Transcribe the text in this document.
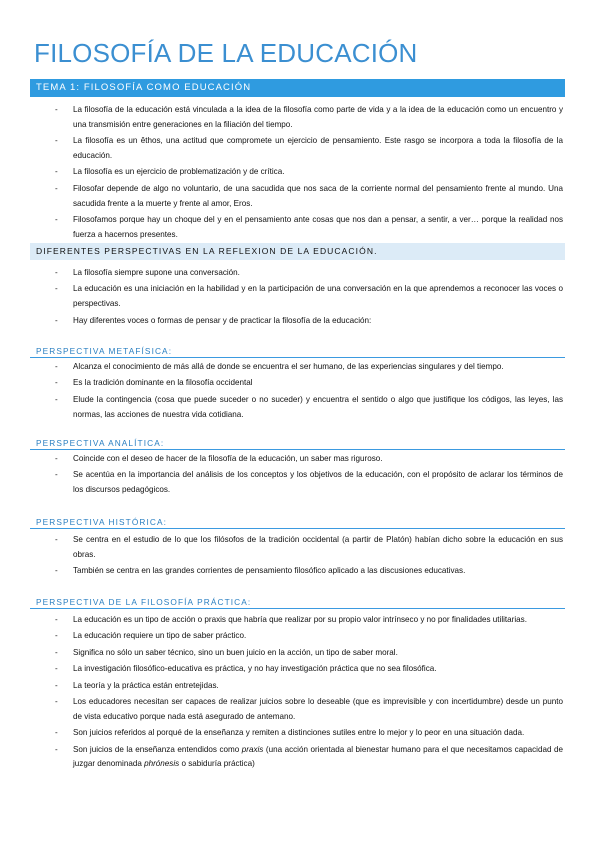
FILOSOFÍA DE LA EDUCACIÓN
TEMA 1: FILOSOFÍA COMO EDUCACIÓN
- La filosofía de la educación está vinculada a la idea de la filosofía como parte de vida y a la idea de la educación como un encuentro y una transmisión entre generaciones en la filiación del tiempo.
- La filosofía es un êthos, una actitud que compromete un ejercicio de pensamiento. Este rasgo se incorpora a toda la filosofía de la educación.
- La filosofía es un ejercicio de problematización y de crítica.
- Filosofar depende de algo no voluntario, de una sacudida que nos saca de la corriente normal del pensamiento frente al mundo. Una sacudida frente a la muerte y frente al amor, Eros.
- Filosofamos porque hay un choque del y en el pensamiento ante cosas que nos dan a pensar, a sentir, a ver… porque la realidad nos fuerza a hacernos presentes.
DIFERENTES PERSPECTIVAS EN LA REFLEXION DE LA EDUCACIÓN.
- La filosofía siempre supone una conversación.
- La educación es una iniciación en la habilidad y en la participación de una conversación en la que aprendemos a reconocer las voces o perspectivas.
- Hay diferentes voces o formas de pensar y de practicar la filosofía de la educación:
PERSPECTIVA METAFÍSICA:
- Alcanza el conocimiento de más allá de donde se encuentra el ser humano, de las experiencias singulares y del tiempo.
- Es la tradición dominante en la filosofía occidental
- Elude la contingencia (cosa que puede suceder o no suceder) y encuentra el sentido o algo que justifique los códigos, las leyes, las normas, las acciones de nuestra vida cotidiana.
PERSPECTIVA ANALÍTICA:
- Coincide con el deseo de hacer de la filosofía de la educación, un saber mas riguroso.
- Se acentúa en la importancia del análisis de los conceptos y los objetivos de la educación, con el propósito de aclarar los términos de los discursos pedagógicos.
PERSPECTIVA HISTÓRICA:
- Se centra en el estudio de lo que los filósofos de la tradición occidental (a partir de Platón) habían dicho sobre la educación en sus obras.
- También se centra en las grandes corrientes de pensamiento filosófico aplicado a las discusiones educativas.
PERSPECTIVA DE LA FILOSOFÍA PRÁCTICA:
- La educación es un tipo de acción o praxis que habría que realizar por su propio valor intrínseco y no por finalidades utilitarias.
- La educación requiere un tipo de saber práctico.
- Significa no sólo un saber técnico, sino un buen juicio en la acción, un tipo de saber moral.
- La investigación filosófico-educativa es práctica, y no hay investigación práctica que no sea filosófica.
- La teoría y la práctica están entretejidas.
- Los educadores necesitan ser capaces de realizar juicios sobre lo deseable (que es imprevisible y con incertidumbre) desde un punto de vista educativo porque nada está asegurado de antemano.
- Son juicios referidos al porqué de la enseñanza y remiten a distinciones sutiles entre lo mejor y lo peor en una situación dada.
- Son juicios de la enseñanza entendidos como praxis (una acción orientada al bienestar humano para el que necesitamos capacidad de juzgar denominada phrónesis o sabiduría práctica)
